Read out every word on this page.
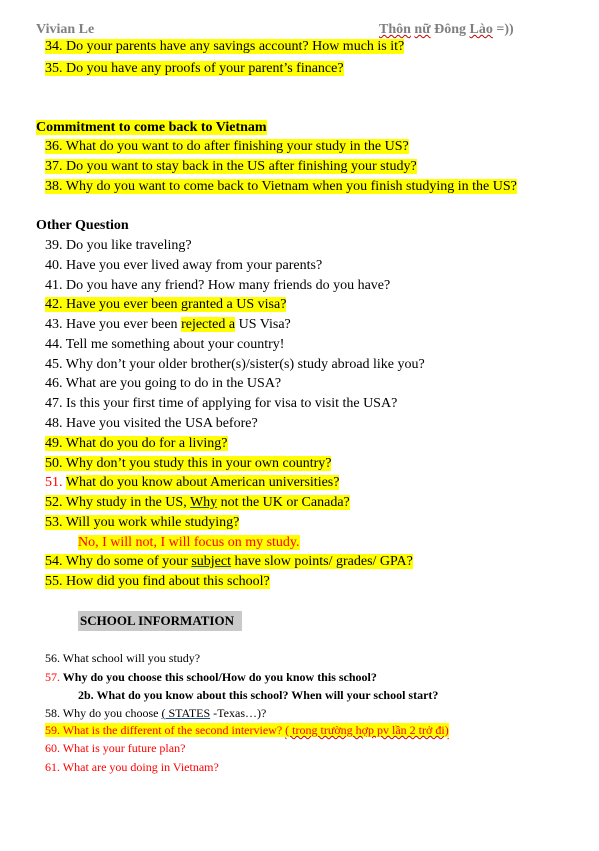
Vivian Le	Thôn nữ Đông Lào =))
34. Do your parents have any savings account? How much is it?
35. Do you have any proofs of your parent’s finance?
Commitment to come back to Vietnam
36. What do you want to do after finishing your study in the US?
37. Do you want to stay back in the US after finishing your study?
38. Why do you want to come back to Vietnam when you finish studying in the US?
Other Question
39. Do you like traveling?
40. Have you ever lived away from your parents?
41. Do you have any friend? How many friends do you have?
42. Have you ever been granted a US visa?
43. Have you ever been rejected a US Visa?
44. Tell me something about your country!
45. Why don’t your older brother(s)/sister(s) study abroad like you?
46. What are you going to do in the USA?
47. Is this your first time of applying for visa to visit the USA?
48. Have you visited the USA before?
49. What do you do for a living?
50. Why don’t you study this in your own country?
51. What do you know about American universities?
52. Why study in the US, Why not the UK or Canada?
53. Will you work while studying?
No, I will not, I will focus on my study.
54. Why do some of your subject have slow points/ grades/ GPA?
55. How did you find about this school?
SCHOOL INFORMATION
56. What school will you study?
57. Why do you choose this school/How do you know this school?
2b. What do you know about this school? When will your school start?
58. Why do you choose ( STATES -Texas…)?
59. What is the different of the second interview? ( trong trường hợp pv lần 2 trở đi)
60. What is your future plan?
61. What are you doing in Vietnam?
